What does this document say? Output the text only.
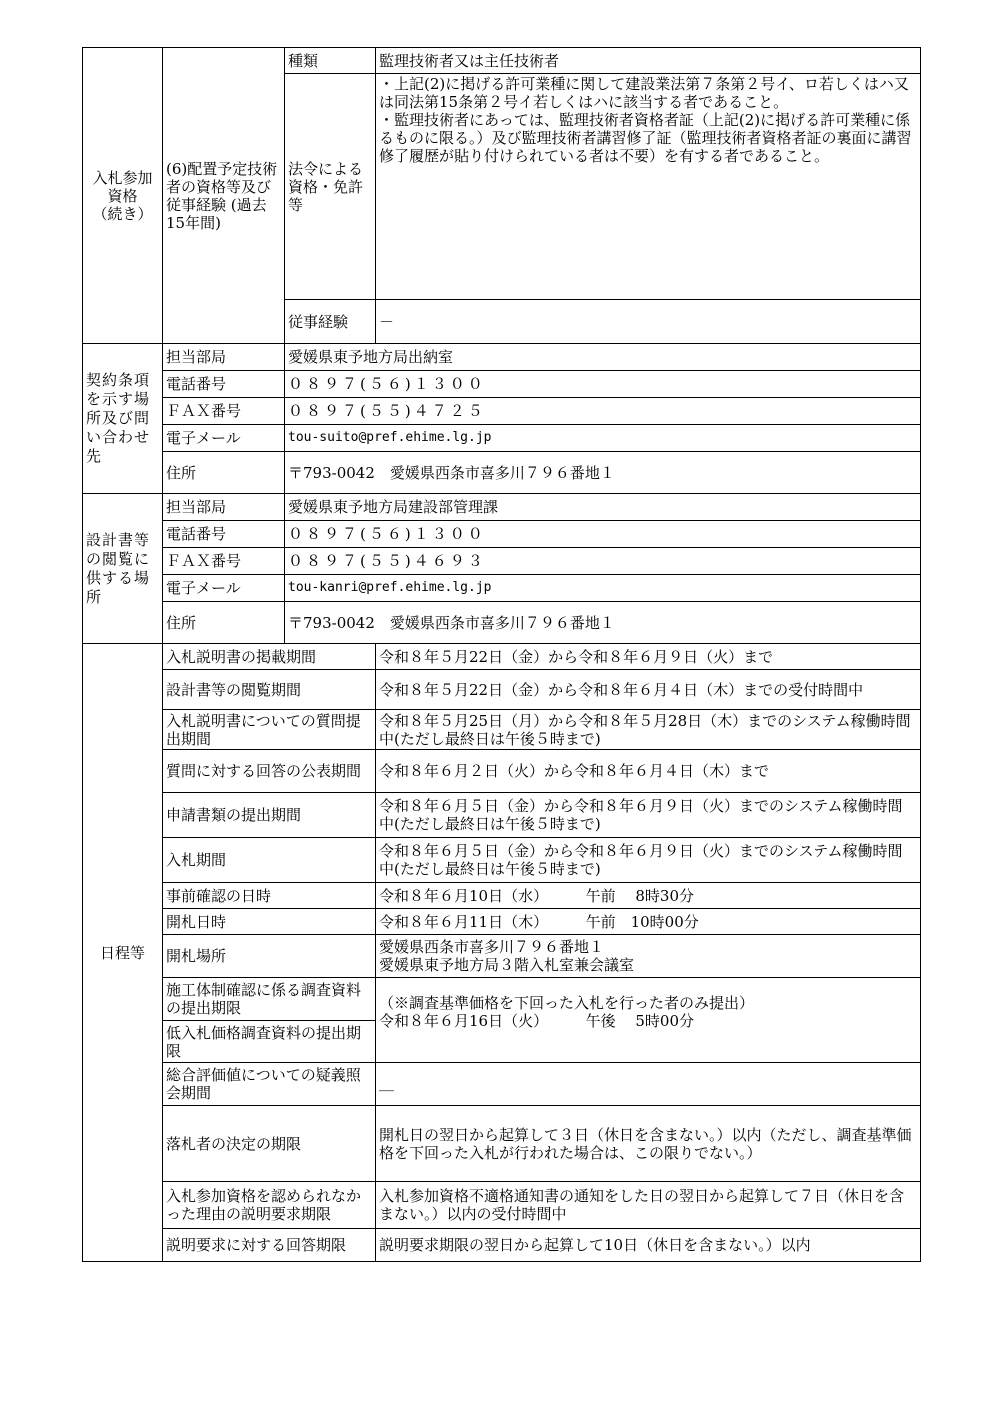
入札参加
資格
（続き）	(6)配置予定技術者の資格等及び従事経験 (過去15年間)	種類	監理技術者又は主任技術者
		法令による資格・免許等	・上記(2)に掲げる許可業種に関して建設業法第７条第２号イ、ロ若しくはハ又は同法第15条第２号イ若しくはハに該当する者であること。
・監理技術者にあっては、監理技術者資格者証（上記(2)に掲げる許可業種に係るものに限る。）及び監理技術者講習修了証（監理技術者資格者証の裏面に講習修了履歴が貼り付けられている者は不要）を有する者であること。

		従事経験	－
契約条項を示す場所及び問い合わせ先	担当部局	愛媛県東予地方局出納室	
	電話番号	０８９７(５６)１３００	
	ＦＡＸ番号	０８９７(５５)４７２５	
	電子メール	tou-suito@pref.ehime.lg.jp	
	住所	〒793-0042　愛媛県西条市喜多川７９６番地１	
設計書等の閲覧に供する場所	担当部局	愛媛県東予地方局建設部管理課	
	電話番号	０８９７(５６)１３００	
	ＦＡＸ番号	０８９７(５５)４６９３	
	電子メール	tou-kanri@pref.ehime.lg.jp	
	住所	〒793-0042　愛媛県西条市喜多川７９６番地１	
日程等	入札説明書の掲載期間		令和８年５月22日（金）から令和８年６月９日（火）まで
	設計書等の閲覧期間		令和８年５月22日（金）から令和８年６月４日（木）までの受付時間中
	入札説明書についての質問提出期間		令和８年５月25日（月）から令和８年５月28日（木）までのシステム稼働時間中(ただし最終日は午後５時まで)
	質問に対する回答の公表期間		令和８年６月２日（火）から令和８年６月４日（木）まで
	申請書類の提出期間		令和８年６月５日（金）から令和８年６月９日（火）までのシステム稼働時間中(ただし最終日は午後５時まで)
	入札期間		令和８年６月５日（金）から令和８年６月９日（火）までのシステム稼働時間中(ただし最終日は午後５時まで)
	事前確認の日時		令和８年６月10日（水）　　　午前　 8時30分
	開札日時		令和８年６月11日（木）　　　午前　10時00分
	開札場所		愛媛県西条市喜多川７９６番地１
愛媛県東予地方局３階入札室兼会議室
	施工体制確認に係る調査資料の提出期限		（※調査基準価格を下回った入札を行った者のみ提出）
令和８年６月16日（火）　　　午後　 5時00分

	低入札価格調査資料の提出期限		
	総合評価値についての疑義照会期間		＿
	落札者の決定の期限		開札日の翌日から起算して３日（休日を含まない。）以内（ただし、調査基準価格を下回った入札が行われた場合は、この限りでない。）
	入札参加資格を認められなかった理由の説明要求期限		入札参加資格不適格通知書の通知をした日の翌日から起算して７日（休日を含まない。）以内の受付時間中
	説明要求に対する回答期限		説明要求期限の翌日から起算して10日（休日を含まない。）以内
